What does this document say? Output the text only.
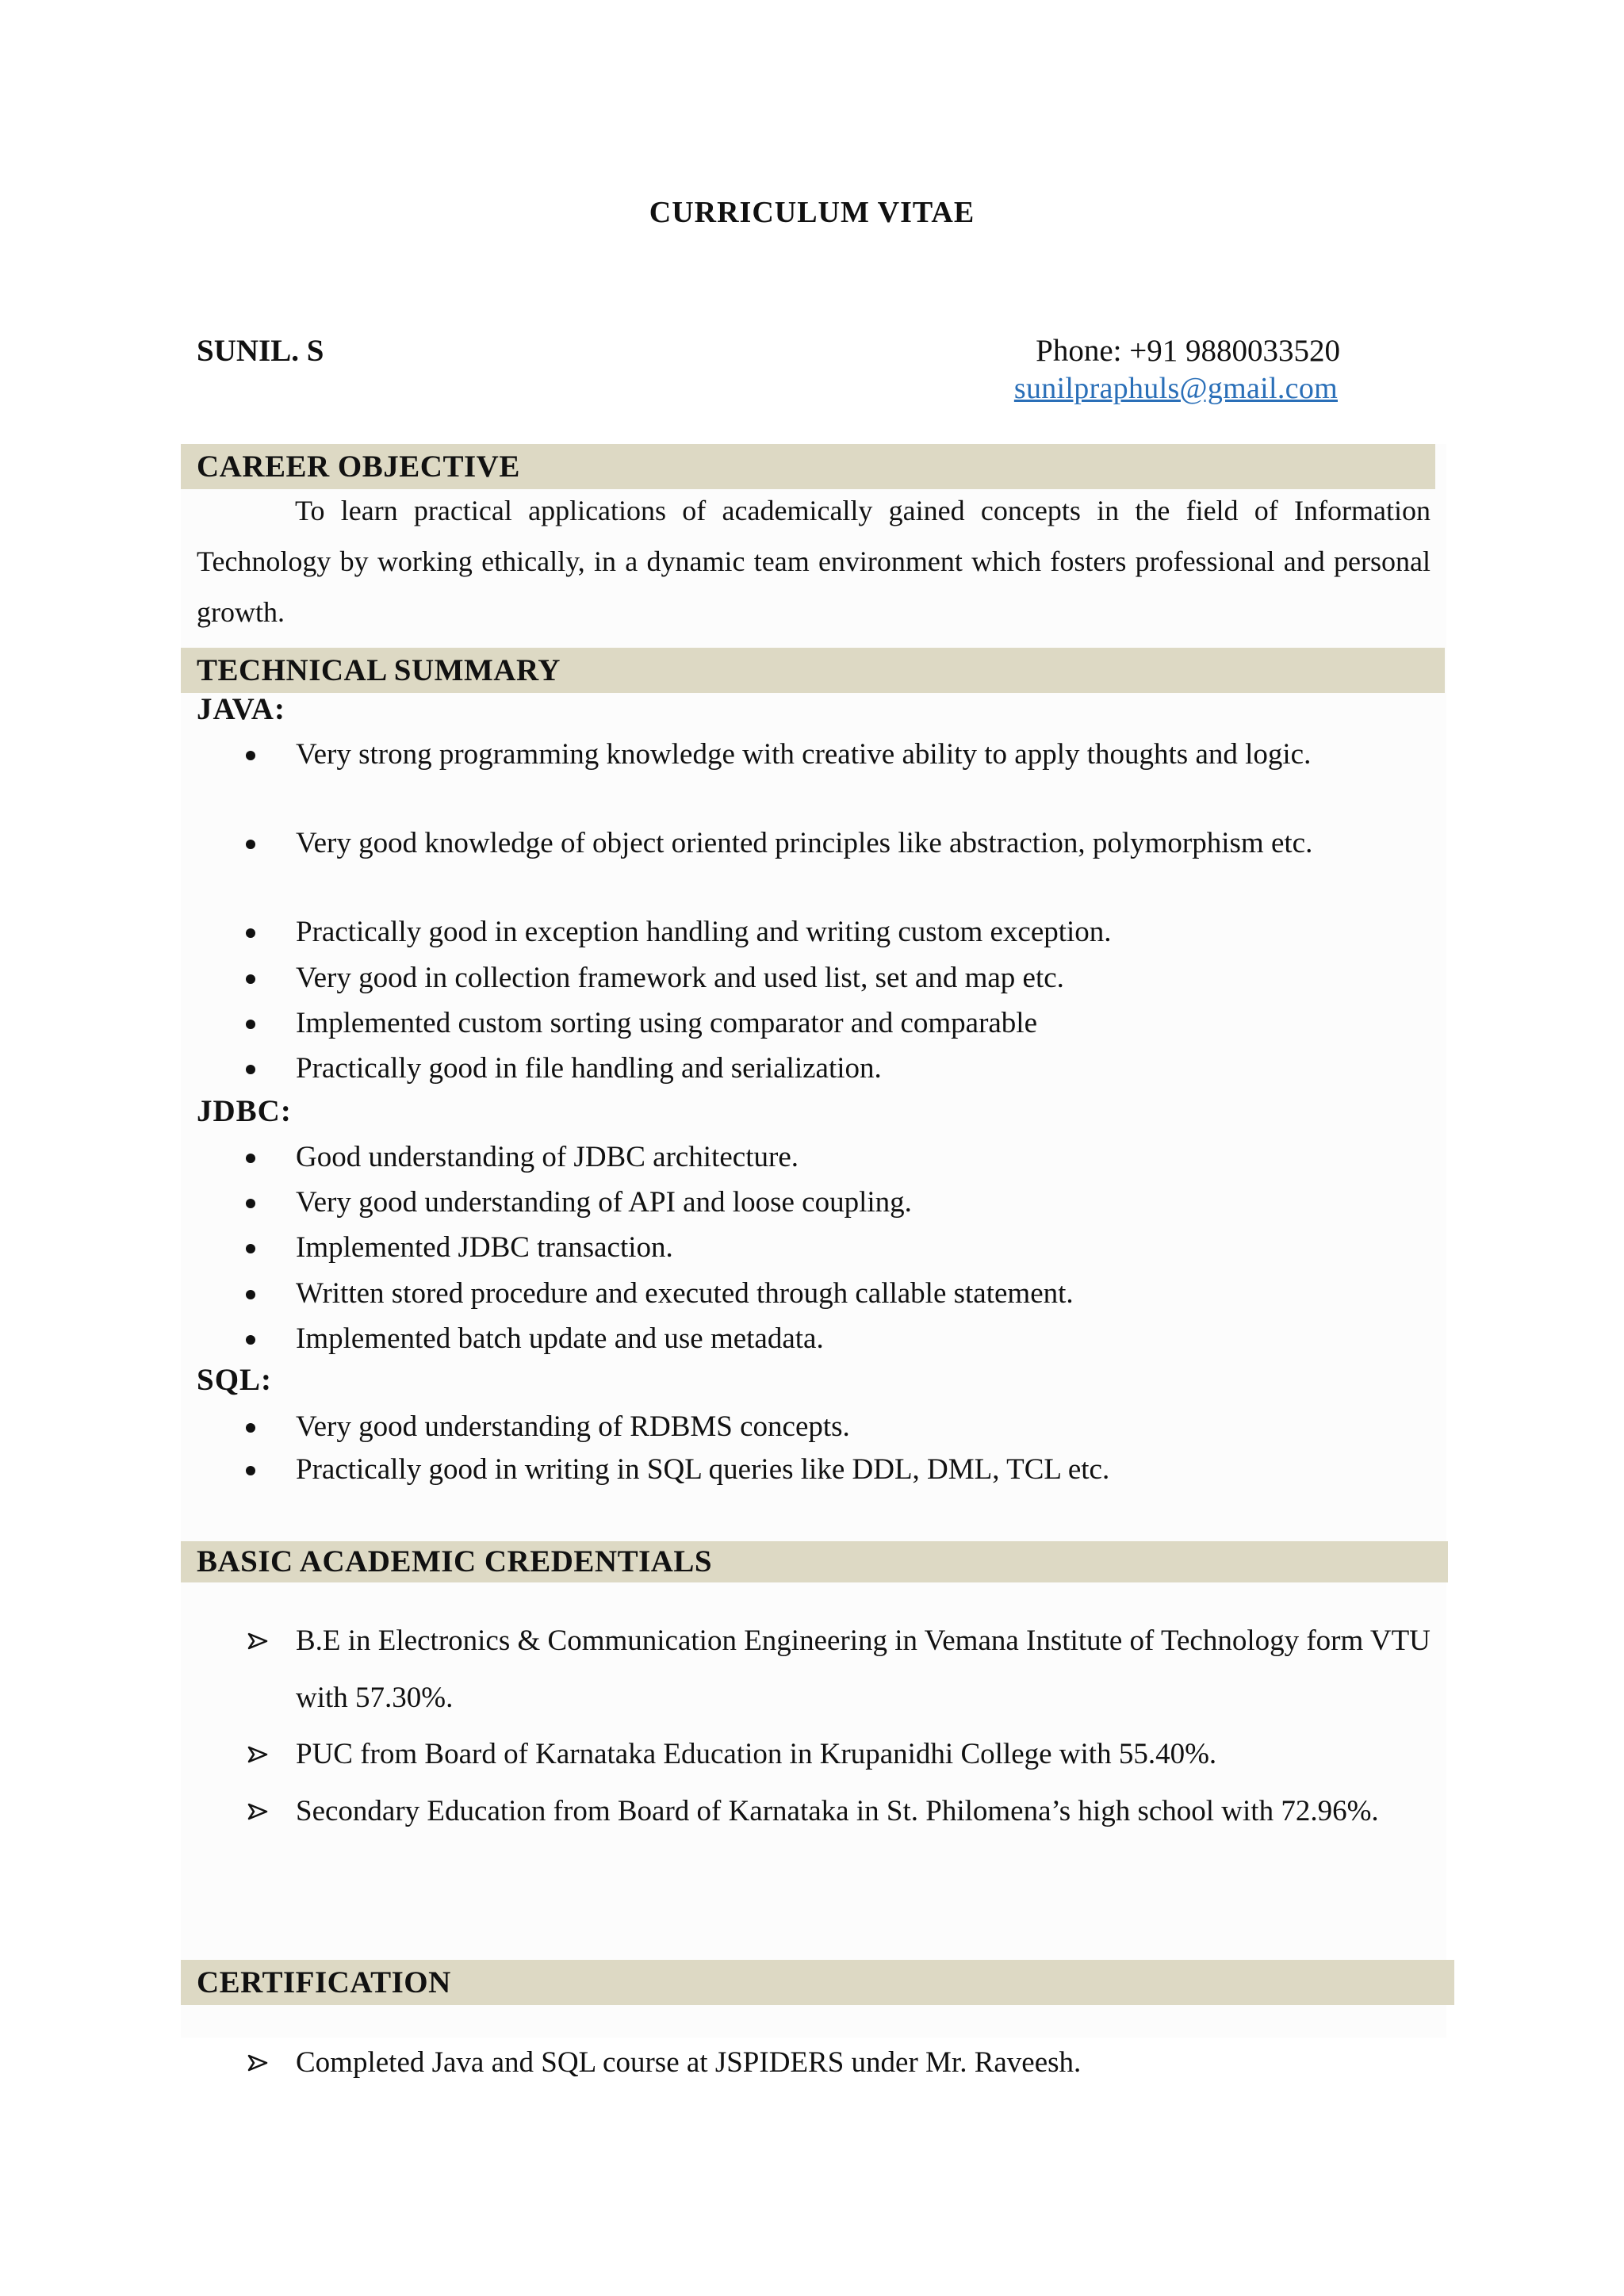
CURRICULUM VITAE
SUNIL. S	Phone: +91 9880033520
sunilpraphuls@gmail.com
CAREER OBJECTIVE
To learn practical applications of academically gained concepts in the field of Information Technology by working ethically, in a dynamic team environment which fosters professional and personal growth.
TECHNICAL SUMMARY
JAVA:
Very strong programming knowledge with creative ability to apply thoughts and logic.
Very good knowledge of object oriented principles like abstraction, polymorphism etc.
Practically good in exception handling and writing custom exception.
Very good in collection framework and used list, set and map etc.
Implemented custom sorting using comparator and comparable
Practically good in file handling and serialization.
JDBC:
Good understanding of JDBC architecture.
Very good understanding of API and loose coupling.
Implemented JDBC transaction.
Written stored procedure and executed through callable statement.
Implemented batch update and use metadata.
SQL:
Very good understanding of RDBMS concepts.
Practically good in writing in SQL queries like DDL, DML, TCL etc.
BASIC ACADEMIC CREDENTIALS
B.E in Electronics & Communication Engineering in Vemana Institute of Technology form VTU with 57.30%.
PUC from Board of Karnataka Education in Krupanidhi College with 55.40%.
Secondary Education from Board of Karnataka in St. Philomena’s high school with 72.96%.
CERTIFICATION
Completed Java and SQL course at JSPIDERS under Mr. Raveesh.
